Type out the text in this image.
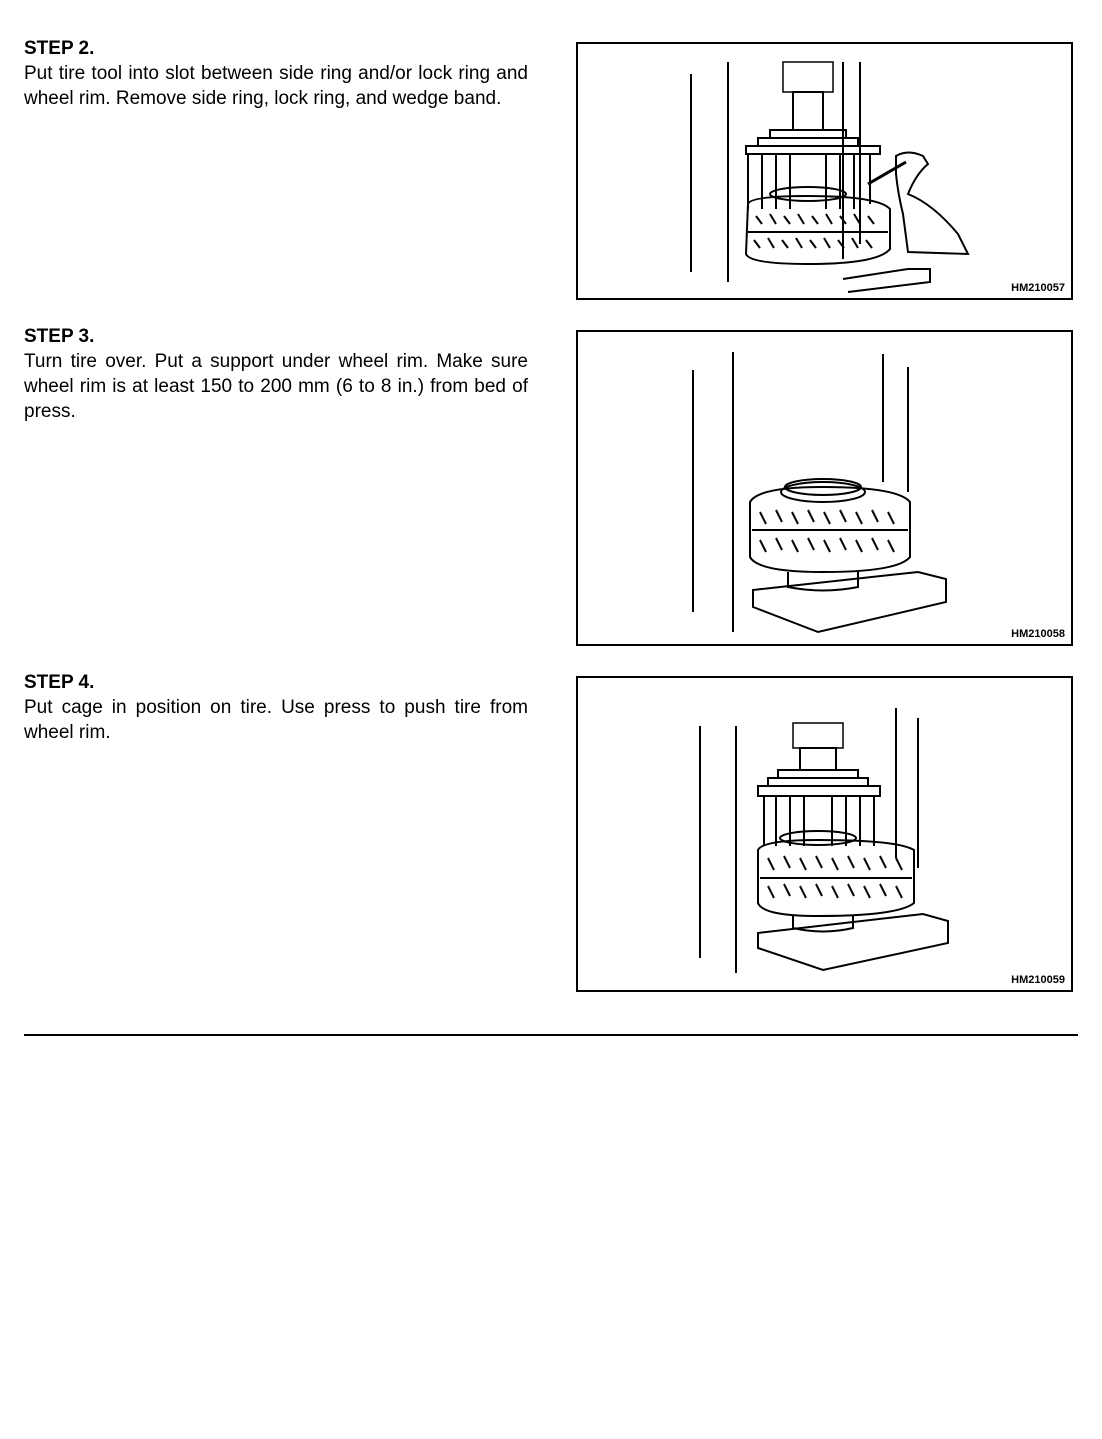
STEP 2.

Put tire tool into slot between side ring and/or lock ring and wheel rim. Remove side ring, lock ring, and wedge band.

HM210057

STEP 3.

Turn tire over. Put a support under wheel rim. Make sure wheel rim is at least 150 to 200 mm (6 to 8 in.) from bed of press.

HM210058

STEP 4.

Put cage in position on tire. Use press to push tire from wheel rim.

HM210059
